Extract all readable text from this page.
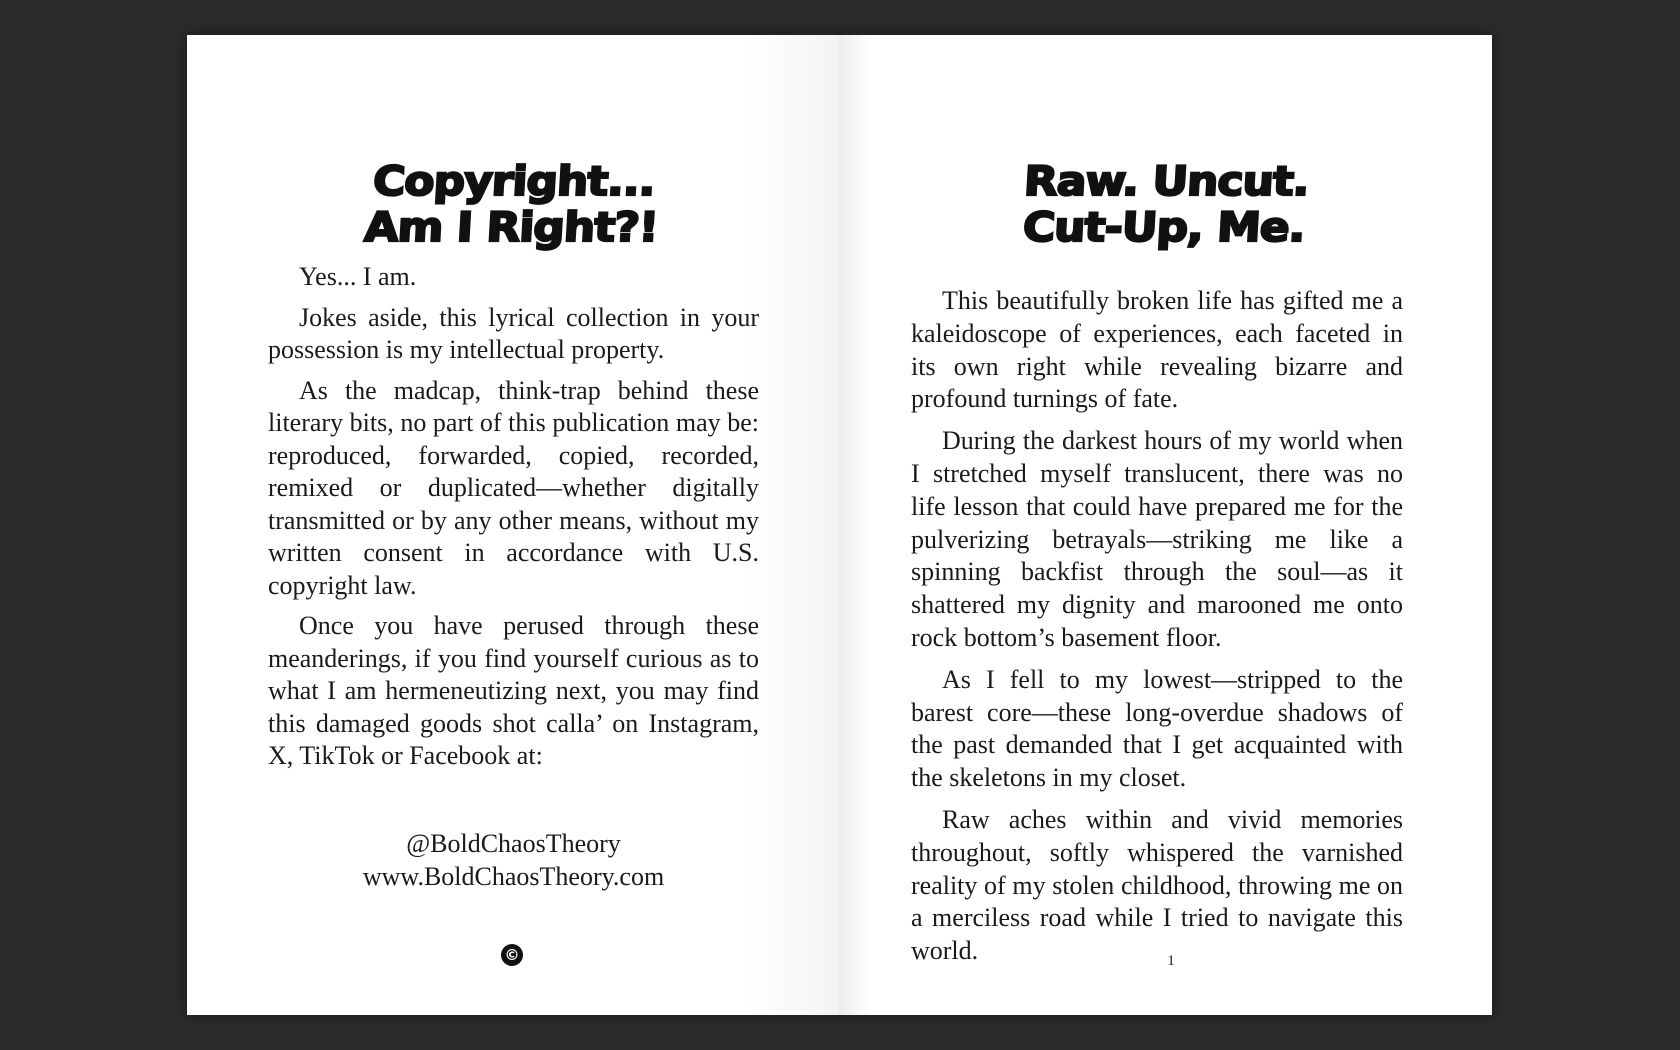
Copyright...
Am I Right?!

Yes... I am.

Jokes aside, this lyrical collection in your possession is my intellectual property.

As the madcap, think-trap behind these literary bits, no part of this publication may be: reproduced, forwarded, copied, recorded, remixed or duplicated—whether digitally transmitted or by any other means, without my written consent in accordance with U.S. copyright law.

Once you have perused through these meanderings, if you find yourself curious as to what I am hermeneutizing next, you may find this damaged goods shot calla’ on Instagram, X, TikTok or Facebook at:

@BoldChaosTheory
www.BoldChaosTheory.com
©
Raw. Uncut.
Cut-Up, Me.

This beautifully broken life has gifted me a kaleidoscope of experiences, each faceted in its own right while revealing bizarre and profound turnings of fate.

During the darkest hours of my world when I stretched myself translucent, there was no life lesson that could have prepared me for the pulverizing betrayals—striking me like a spinning backfist through the soul—as it shattered my dignity and marooned me onto rock bottom’s basement floor.

As I fell to my lowest—stripped to the barest core—these long-overdue shadows of the past demanded that I get acquainted with the skeletons in my closet.

Raw aches within and vivid memories throughout, softly whispered the varnished reality of my stolen childhood, throwing me on a merciless road while I tried to navigate this world.	1
